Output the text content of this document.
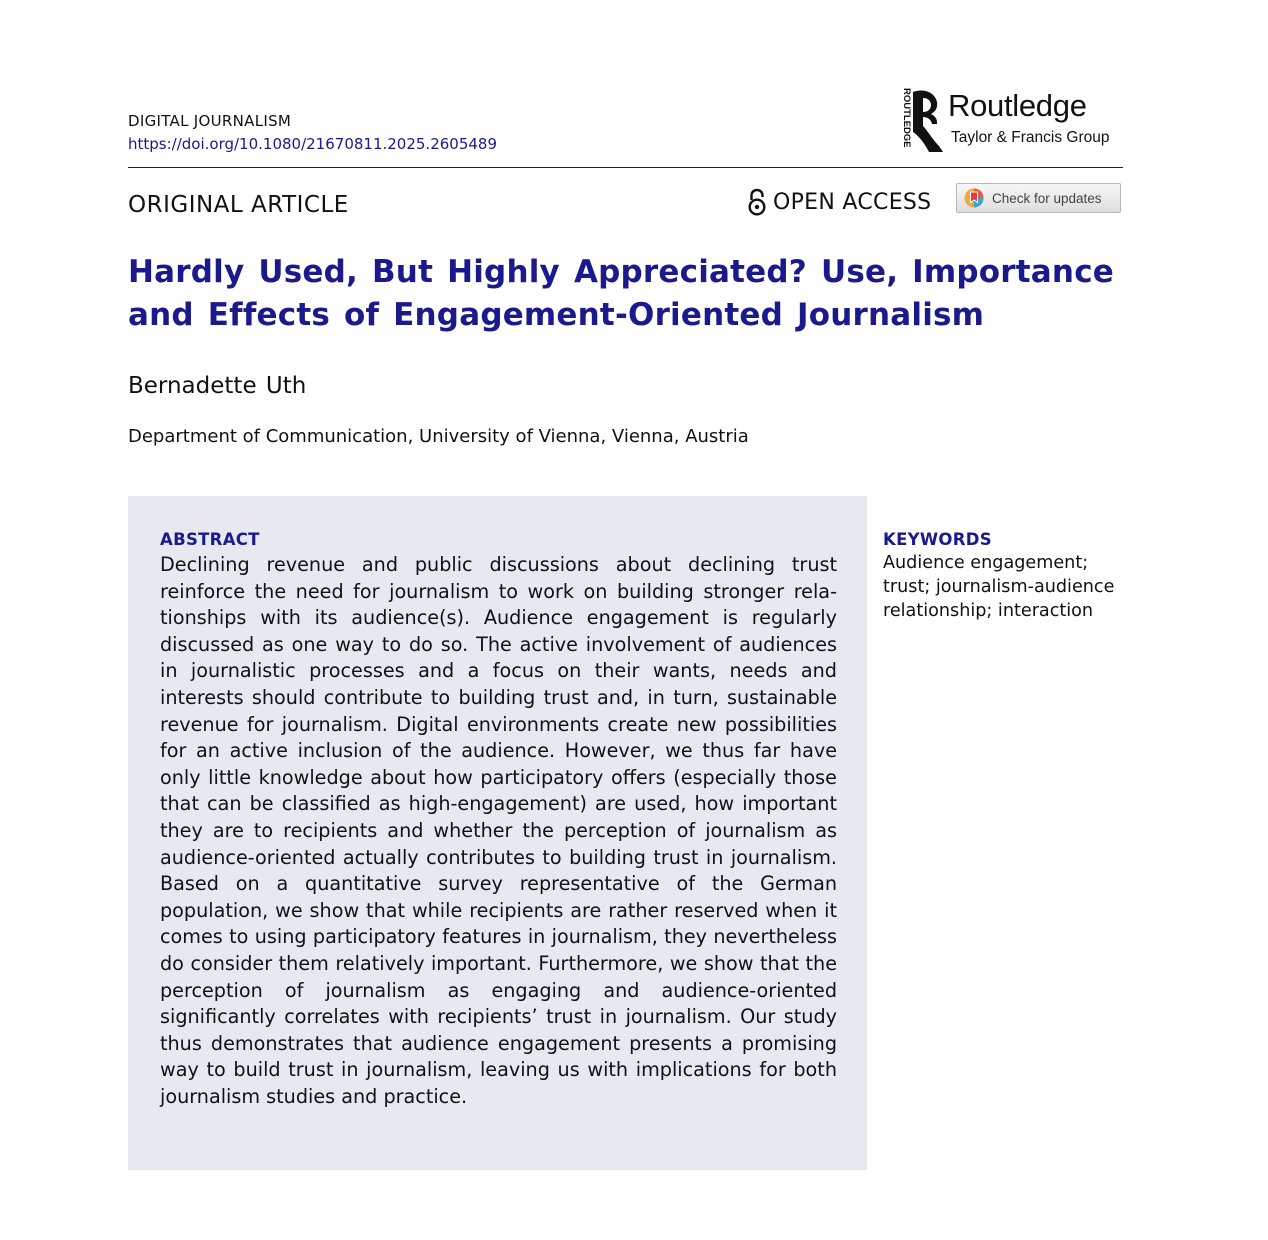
DIGITAL JOURNALISM
https://doi.org/10.1080/21670811.2025.2605489	ROUTLEDGE Routledge
Taylor & Francis Group
ORIGINAL ARTICLE	OPEN ACCESS	Check for updates
Hardly Used, But Highly Appreciated? Use, Importance and Effects of Engagement-Oriented Journalism
Bernadette Uth
Department of Communication, University of Vienna, Vienna, Austria
ABSTRACT

Declining revenue and public discussions about declining trust reinforce the need for journalism to work on building stronger relationships with its audience(s). Audience engagement is regularly discussed as one way to do so. The active involvement of audiences in journalistic processes and a focus on their wants, needs and interests should contribute to building trust and, in turn, sustainable revenue for journalism. Digital environments create new possibilities for an active inclusion of the audience. However, we thus far have only little knowledge about how participatory offers (especially those that can be classified as high-engagement) are used, how important they are to recipients and whether the perception of journalism as audience-oriented actually contributes to building trust in journalism. Based on a quantitative survey representative of the German population, we show that while recipients are rather reserved when it comes to using participatory features in journalism, they nevertheless do consider them relatively important. Furthermore, we show that the perception of journalism as engaging and audience-oriented significantly correlates with recipients’ trust in journalism. Our study thus demonstrates that audience engagement presents a promising way to build trust in journalism, leaving us with implications for both journalism studies and practice.

KEYWORDS
Audience engagement; trust; journalism-audience relationship; interaction
